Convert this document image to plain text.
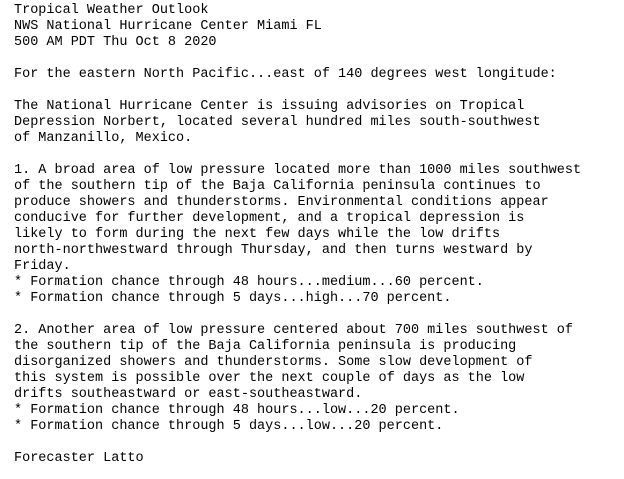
Tropical Weather Outlook
NWS National Hurricane Center Miami FL
500 AM PDT Thu Oct 8 2020
For the eastern North Pacific...east of 140 degrees west longitude:
The National Hurricane Center is issuing advisories on Tropical
Depression Norbert, located several hundred miles south-southwest
of Manzanillo, Mexico.
1. A broad area of low pressure located more than 1000 miles southwest
of the southern tip of the Baja California peninsula continues to
produce showers and thunderstorms. Environmental conditions appear
conducive for further development, and a tropical depression is
likely to form during the next few days while the low drifts
north-northwestward through Thursday, and then turns westward by
Friday.
* Formation chance through 48 hours...medium...60 percent.
* Formation chance through 5 days...high...70 percent.
2. Another area of low pressure centered about 700 miles southwest of
the southern tip of the Baja California peninsula is producing
disorganized showers and thunderstorms. Some slow development of
this system is possible over the next couple of days as the low
drifts southeastward or east-southeastward.
* Formation chance through 48 hours...low...20 percent.
* Formation chance through 5 days...low...20 percent.
Forecaster Latto
